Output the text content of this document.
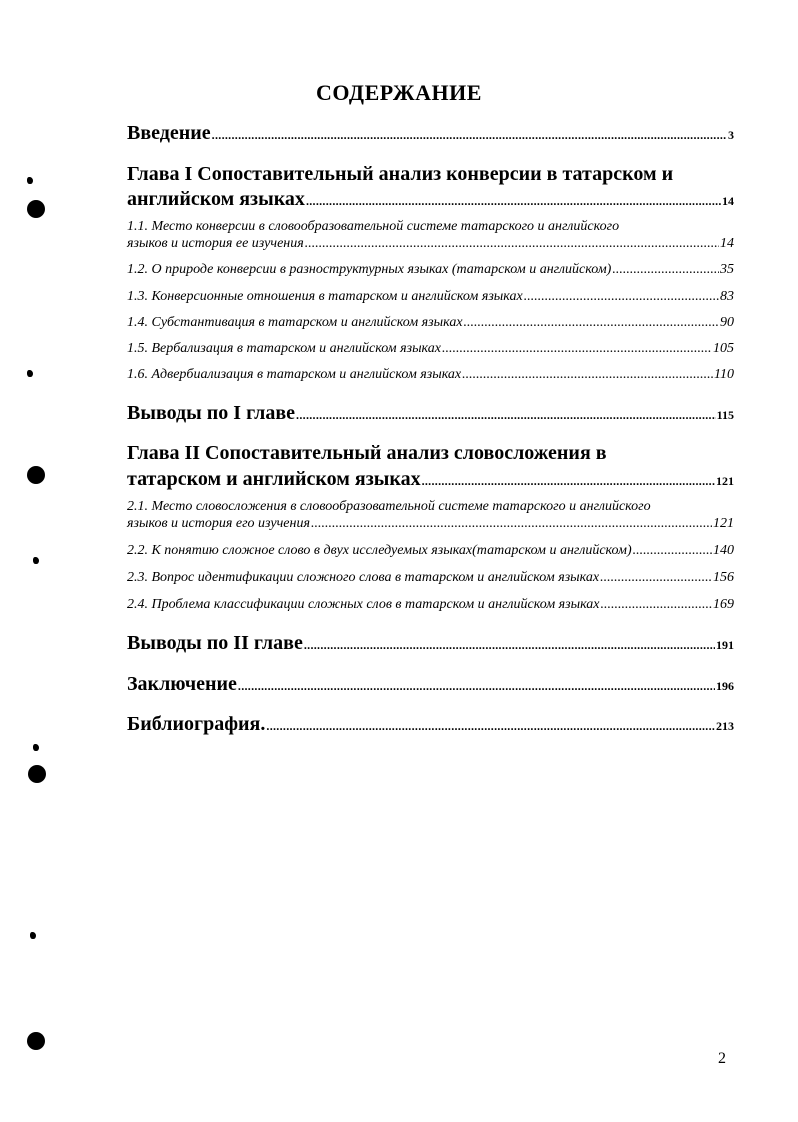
СОДЕРЖАНИЕ
Введение .....	3
Глава I Сопоставительный анализ конверсии в татарском и
английском языках .....	14
1.1. Место конверсии в словообразовательной системе татарского и английского
языков и история ее изучения .....	14
1.2. О природе конверсии в разноструктурных языках (татарском и английском) .....	35
1.3. Конверсионные отношения в татарском и английском языках .....	83
1.4. Субстантивация в татарском и английском языках .....	90
1.5. Вербализация в татарском и английском языках .....	105
1.6. Адвербиализация в татарском и английском языках .....	110
Выводы по I главе .....	115
Глава II Сопоставительный анализ словосложения в
татарском и английском языках .....	121
2.1. Место словосложения в словообразовательной системе татарского и английского
языков и история его изучения .....	121
2.2. К понятию сложное слово в двух исследуемых языках(татарском и английском) .....	140
2.3. Вопрос идентификации сложного слова в татарском и английском языках .....	156
2.4. Проблема классификации сложных слов в татарском и английском языках .....	169
Выводы по II главе .....	191
Заключение .....	196
Библиография. .....	213
2
